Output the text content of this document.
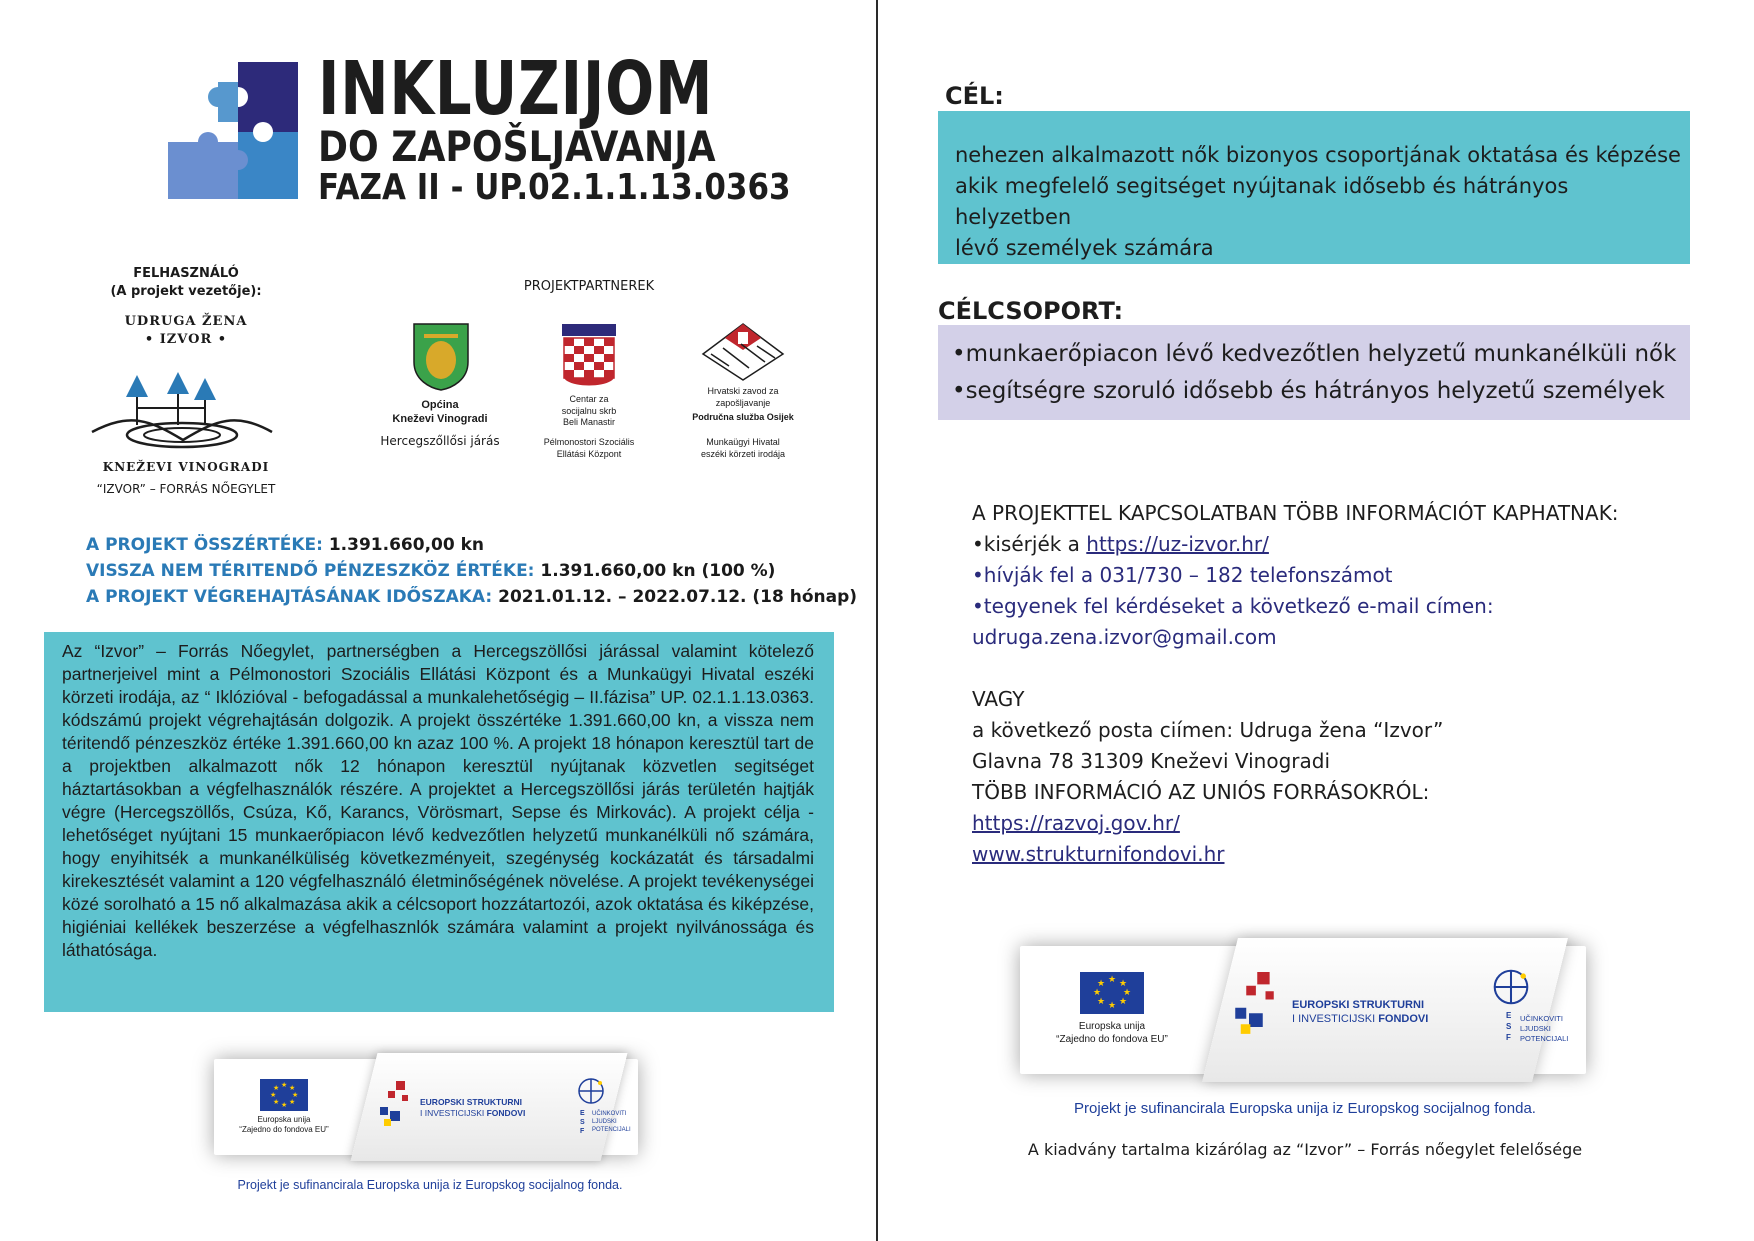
INKLUZIJOM
DO ZAPOŠLJAVANJA
FAZA II - UP.02.1.1.13.0363
FELHASZNÁLÓ
(A projekt vezetője):
UDRUGA ŽENA
• IZVOR •
KNEŽEVI VINOGRADI
“IZVOR” – FORRÁS NŐEGYLET
PROJEKTPARTNEREK
Općina
Kneževi Vinogradi
Hercegszőllősi járás
Centar za
socijalnu skrb
Beli Manastir
Pélmonostori Szociális
Ellátási Központ
Hrvatski zavod za
zapošljavanje
Područna služba Osijek
Munkaügyi Hivatal
eszéki körzeti irodája
A PROJEKT ÖSSZÉRTÉKE: 1.391.660,00 kn
VISSZA NEM TÉRITENDŐ PÉNZESZKÖZ ÉRTÉKE: 1.391.660,00 kn (100 %)
A PROJEKT VÉGREHAJTÁSÁNAK IDŐSZAKA: 2021.01.12. – 2022.07.12. (18 hónap)
Az “Izvor” – Forrás Nőegylet, partnerségben a Hercegszöllősi járással valamint kötelező partnerjeivel mint a Pélmonostori Szociális Ellátási Központ és a Munkaügyi Hivatal eszéki körzeti irodája, az “ Iklózióval - befogadással a munkalehetőségig – II.fázisa” UP. 02.1.1.13.0363. kódszámú projekt végrehajtásán dolgozik. A projekt összértéke 1.391.660,00 kn, a vissza nem téritendő pénzeszköz értéke 1.391.660,00 kn azaz 100 %. A projekt 18 hónapon keresztül tart de a projektben alkalmazott nők 12 hónapon keresztül nyújtanak közvetlen segitséget háztartásokban a végfelhasználók részére. A projektet a Hercegszöllősi járás területén hajtják végre (Hercegszöllős, Csúza, Kő, Karancs, Vörösmart, Sepse és Mirkovác). A projekt célja - lehetőséget nyújtani 15 munkaerőpiacon lévő kedvezőtlen helyzetű munkanélküli nő számára, hogy enyihitsék a munkanélküliség következményeit, szegénység kockázatát és társadalmi kirekesztését valamint a 120 végfelhasználó életminőségének növelése. A projekt tevékenységei közé sorolható a 15 nő alkalmazása akik a célcsoport hozzátartozói, azok oktatása és kiképzése, higiéniai kellékek beszerzése a végfelhasznlók számára valamint a projekt nyilvánossága és láthatósága.
★ ★
★
★
★
★
★
★
Europska unija
“Zajedno do fondova EU”
EUROPSKI STRUKTURNI
I INVESTICIJSKI FONDOVI	E S F
UČINKOVITI
LJUDSKI
POTENCIJALI
Projekt je sufinancirala Europska unija iz Europskog socijalnog fonda.
CÉL:
nehezen alkalmazott nők bizonyos csoportjának oktatása és képzése
akik megfelelő segitséget nyújtanak idősebb és hátrányos helyzetben
lévő személyek számára
CÉLCSOPORT:
•munkaerőpiacon lévő kedvezőtlen helyzetű munkanélküli nők
•segítségre szoruló idősebb és hátrányos helyzetű személyek
A PROJEKTTEL KAPCSOLATBAN TÖBB INFORMÁCIÓT KAPHATNAK:
•kisérjék a https://uz-izvor.hr/
•hívják fel a 031/730 – 182 telefonszámot
•tegyenek fel kérdéseket a következő e-mail címen:
udruga.zena.izvor@gmail.com
VAGY
a következő posta ciímen: Udruga žena “Izvor”
Glavna 78 31309 Kneževi Vinogradi
TÖBB INFORMÁCIÓ AZ UNIÓS FORRÁSOKRÓL:
https://razvoj.gov.hr/
www.strukturnifondovi.hr
★ ★
★
★
★
★
★
★
Europska unija
“Zajedno do fondova EU”
EUROPSKI STRUKTURNI
I INVESTICIJSKI FONDOVI	E S F
UČINKOVITI
LJUDSKI
POTENCIJALI
Projekt je sufinancirala Europska unija iz Europskog socijalnog fonda.
A kiadvány tartalma kizárólag az “Izvor” – Forrás nőegylet felelősége
